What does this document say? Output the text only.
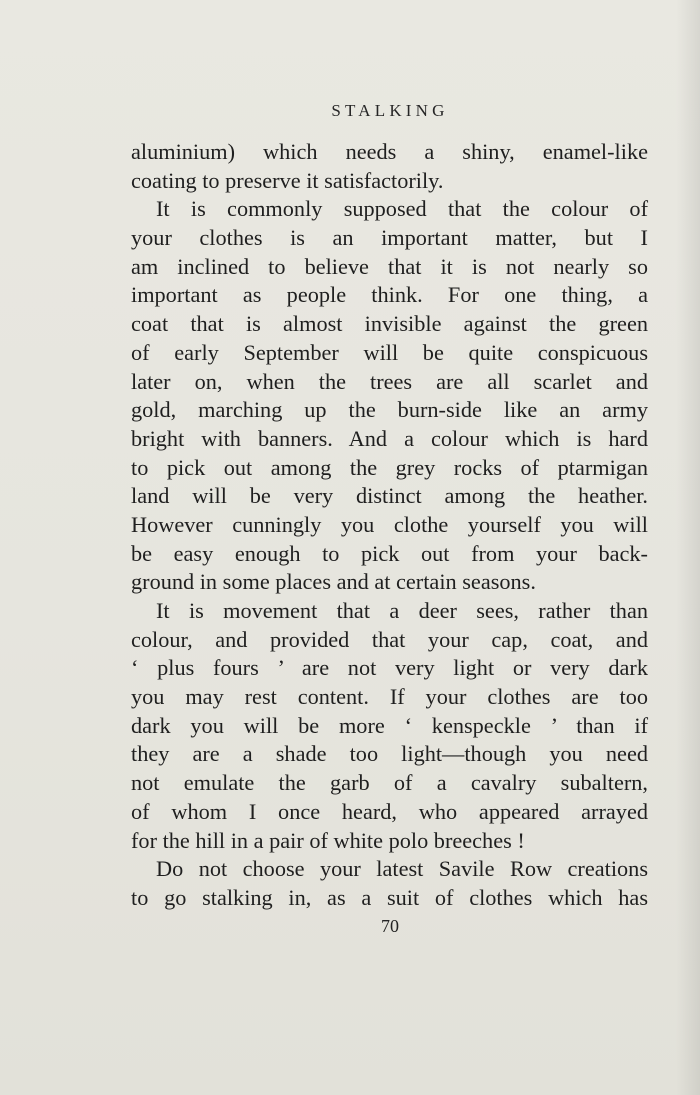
STALKING
aluminium) which needs a shiny, enamel-like
coating to preserve it satisfactorily.
It is commonly supposed that the colour of
your clothes is an important matter, but I
am inclined to believe that it is not nearly so
important as people think. For one thing, a
coat that is almost invisible against the green
of early September will be quite conspicuous
later on, when the trees are all scarlet and
gold, marching up the burn-side like an army
bright with banners. And a colour which is hard
to pick out among the grey rocks of ptarmigan
land will be very distinct among the heather.
However cunningly you clothe yourself you will
be easy enough to pick out from your back-
ground in some places and at certain seasons.
It is movement that a deer sees, rather than
colour, and provided that your cap, coat, and
‘ plus fours ’ are not very light or very dark
you may rest content. If your clothes are too
dark you will be more ‘ kenspeckle ’ than if
they are a shade too light—though you need
not emulate the garb of a cavalry subaltern,
of whom I once heard, who appeared arrayed
for the hill in a pair of white polo breeches !
Do not choose your latest Savile Row creations
to go stalking in, as a suit of clothes which has
70
